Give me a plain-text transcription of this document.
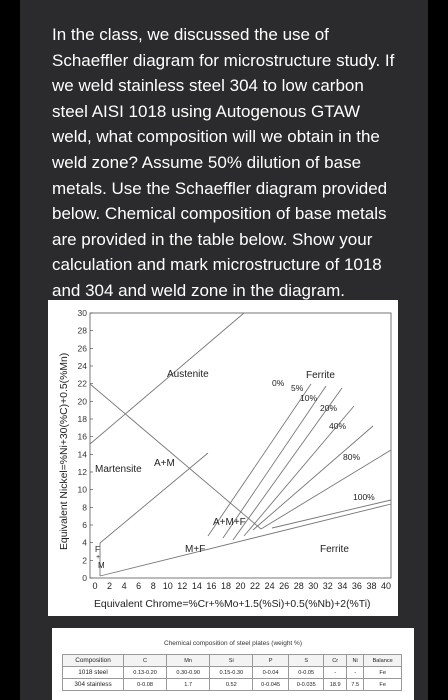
In the class, we discussed the use of
Schaeffler diagram for microstructure study. If
we weld stainless steel 304 to low carbon
steel AISI 1018 using Autogenous GTAW
weld, what composition will we obtain in the
weld zone? Assume 50% dilution of base
metals. Use the Schaeffler diagram provided
below. Chemical composition of base metals
are provided in the table below. Show your
calculation and mark microstructure of 1018
and 304 and weld zone in the diagram.
0
2
4
6
8
10
12
14
16
18
20
22
24
26
28
30
0 2 4 6 8 10 12 14 16 18 20 22 24 26 28 30 32 34 36 38 40
Austenite
A+M
Martensite
A+M+F
M+F	Ferrite
Ferrite
F
+
M
0% 5%
10%
20%
40%
80%
100%
Equivalent Chrome=%Cr+%Mo+1.5(%Si)+0.5(%Nb)+2(%Ti)
Equivalent Nickel=%Ni+30(%C)+0.5(%Mn)
Chemical composition of steel plates (weight %)
Composition	C	Mn	Si	P	S	Cr	Ni	Balance
1018 steel	0.13-0.20	0.30-0.90	0.15-0.30	0-0.04	0-0.05	-	-	Fe
304 stainless	0-0.08	1.7	0.52	0-0.045	0-0.035	18.9	7.5	Fe
